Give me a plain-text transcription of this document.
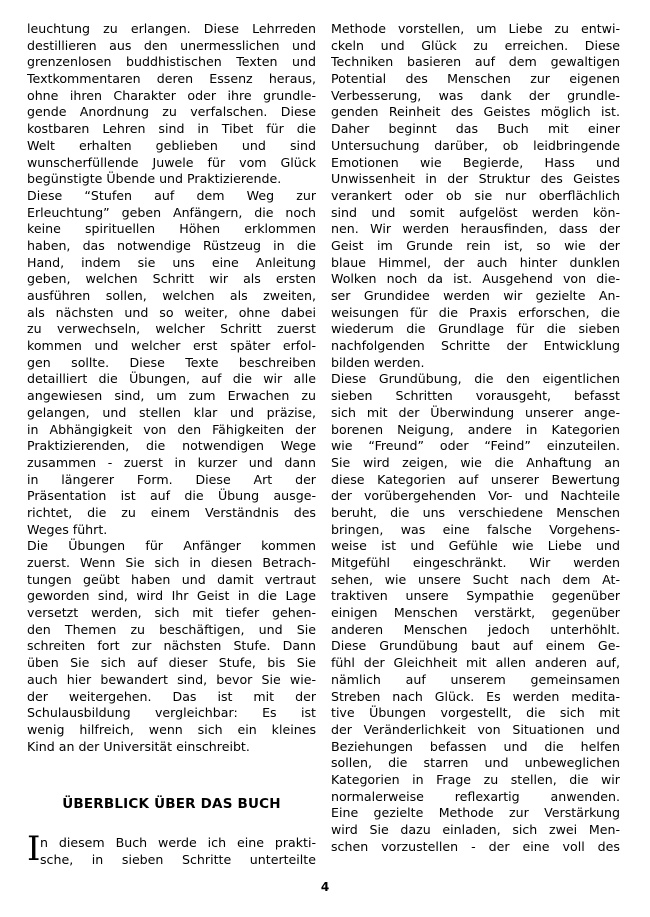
leuchtung zu erlangen. Diese Lehrreden
destillieren aus den unermesslichen und
grenzenlosen buddhistischen Texten und
Textkommentaren deren Essenz heraus,
ohne ihren Charakter oder ihre grundle-
gende Anordnung zu verfalschen. Diese
kostbaren Lehren sind in Tibet für die
Welt erhalten geblieben und sind
wunscherfüllende Juwele für vom Glück
begünstigte Übende und Praktizierende.
Diese “Stufen auf dem Weg zur
Erleuchtung” geben Anfängern, die noch
keine spirituellen Höhen erklommen
haben, das notwendige Rüstzeug in die
Hand, indem sie uns eine Anleitung
geben, welchen Schritt wir als ersten
ausführen sollen, welchen als zweiten,
als nächsten und so weiter, ohne dabei
zu verwechseln, welcher Schritt zuerst
kommen und welcher erst später erfol-
gen sollte. Diese Texte beschreiben
detailliert die Übungen, auf die wir alle
angewiesen sind, um zum Erwachen zu
gelangen, und stellen klar und präzise,
in Abhängigkeit von den Fähigkeiten der
Praktizierenden, die notwendigen Wege
zusammen - zuerst in kurzer und dann
in längerer Form. Diese Art der
Präsentation ist auf die Übung ausge-
richtet, die zu einem Verständnis des
Weges führt.
Die Übungen für Anfänger kommen
zuerst. Wenn Sie sich in diesen Betrach-
tungen geübt haben und damit vertraut
geworden sind, wird Ihr Geist in die Lage
versetzt werden, sich mit tiefer gehen-
den Themen zu beschäftigen, und Sie
schreiten fort zur nächsten Stufe. Dann
üben Sie sich auf dieser Stufe, bis Sie
auch hier bewandert sind, bevor Sie wie-
der weitergehen. Das ist mit der
Schulausbildung vergleichbar: Es ist
wenig hilfreich, wenn sich ein kleines
Kind an der Universität einschreibt.
ÜBERBLICK ÜBER DAS BUCH
I n diesem Buch werde ich eine prakti-
sche, in sieben Schritte unterteilte
Methode vorstellen, um Liebe zu entwi-
ckeln und Glück zu erreichen. Diese
Techniken basieren auf dem gewaltigen
Potential des Menschen zur eigenen
Verbesserung, was dank der grundle-
genden Reinheit des Geistes möglich ist.
Daher beginnt das Buch mit einer
Untersuchung darüber, ob leidbringende
Emotionen wie Begierde, Hass und
Unwissenheit in der Struktur des Geistes
verankert oder ob sie nur oberflächlich
sind und somit aufgelöst werden kön-
nen. Wir werden herausfinden, dass der
Geist im Grunde rein ist, so wie der
blaue Himmel, der auch hinter dunklen
Wolken noch da ist. Ausgehend von die-
ser Grundidee werden wir gezielte An-
weisungen für die Praxis erforschen, die
wiederum die Grundlage für die sieben
nachfolgenden Schritte der Entwicklung
bilden werden.
Diese Grundübung, die den eigentlichen
sieben Schritten vorausgeht, befasst
sich mit der Überwindung unserer ange-
borenen Neigung, andere in Kategorien
wie “Freund” oder “Feind” einzuteilen.
Sie wird zeigen, wie die Anhaftung an
diese Kategorien auf unserer Bewertung
der vorübergehenden Vor- und Nachteile
beruht, die uns verschiedene Menschen
bringen, was eine falsche Vorgehens-
weise ist und Gefühle wie Liebe und
Mitgefühl eingeschränkt. Wir werden
sehen, wie unsere Sucht nach dem At-
traktiven unsere Sympathie gegenüber
einigen Menschen verstärkt, gegenüber
anderen Menschen jedoch unterhöhlt.
Diese Grundübung baut auf einem Ge-
fühl der Gleichheit mit allen anderen auf,
nämlich auf unserem gemeinsamen
Streben nach Glück. Es werden medita-
tive Übungen vorgestellt, die sich mit
der Veränderlichkeit von Situationen und
Beziehungen befassen und die helfen
sollen, die starren und unbeweglichen
Kategorien in Frage zu stellen, die wir
normalerweise reflexartig anwenden.
Eine gezielte Methode zur Verstärkung
wird Sie dazu einladen, sich zwei Men-
schen vorzustellen - der eine voll des
4
